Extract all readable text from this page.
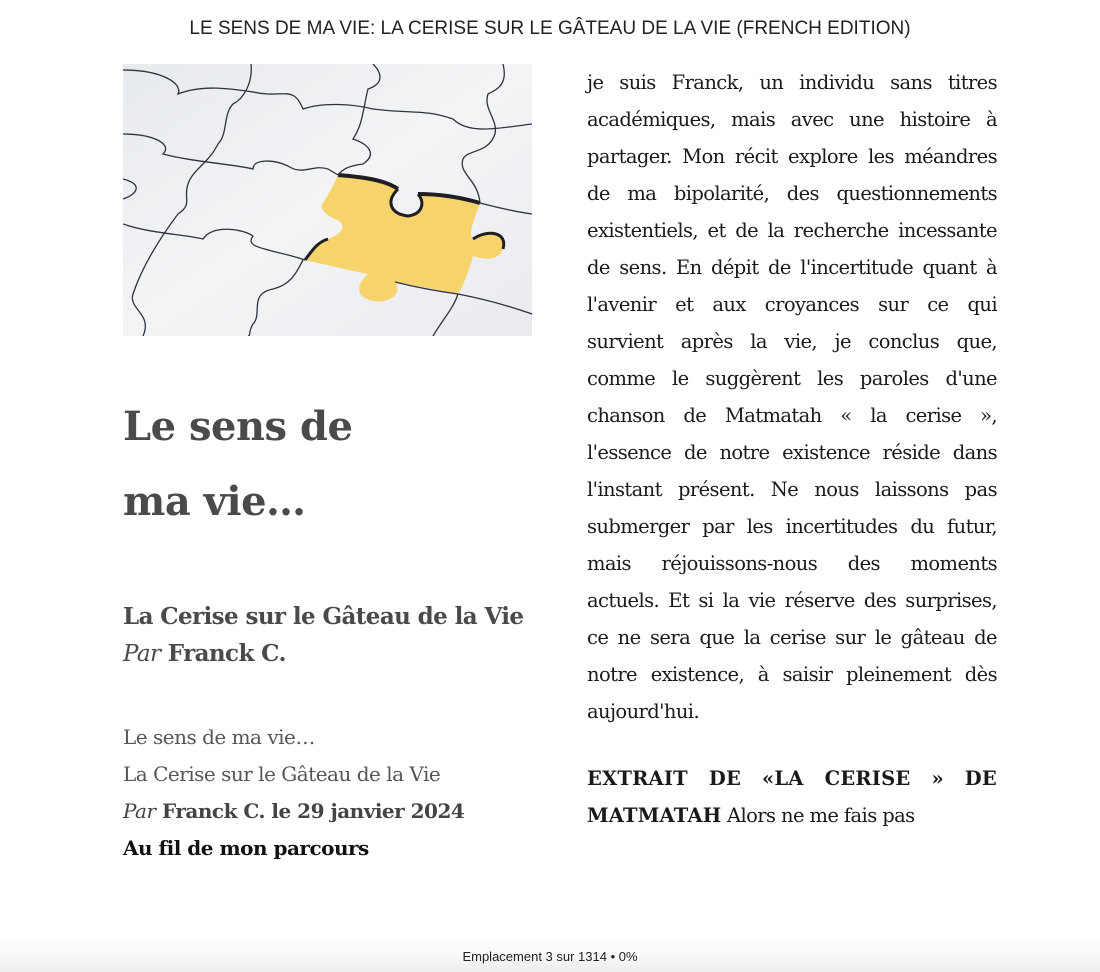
LE SENS DE MA VIE: LA CERISE SUR LE GÂTEAU DE LA VIE (FRENCH EDITION)
Le sens de
ma vie…
La Cerise sur le Gâteau de la Vie
Par Franck C.
Le sens de ma vie…
La Cerise sur le Gâteau de la Vie
Par Franck C. le 29 janvier 2024
Au fil de mon parcours

je suis Franck, un individu sans titres académiques, mais avec une histoire à partager. Mon récit explore les méandres de ma bipolarité, des questionnements existentiels, et de la recherche incessante de sens. En dépit de l'incertitude quant à l'avenir et aux croyances sur ce qui survient après la vie, je conclus que, comme le suggèrent les paroles d'une chanson de Matmatah « la cerise », l'essence de notre existence réside dans l'instant présent. Ne nous laissons pas submerger par les incertitudes du futur, mais réjouissons-nous des moments actuels. Et si la vie réserve des surprises, ce ne sera que la cerise sur le gâteau de notre existence, à saisir pleinement dès aujourd'hui.

EXTRAIT DE «LA CERISE » DE MATMATAH Alors ne me fais pas

Emplacement 3 sur 1314 • 0%
